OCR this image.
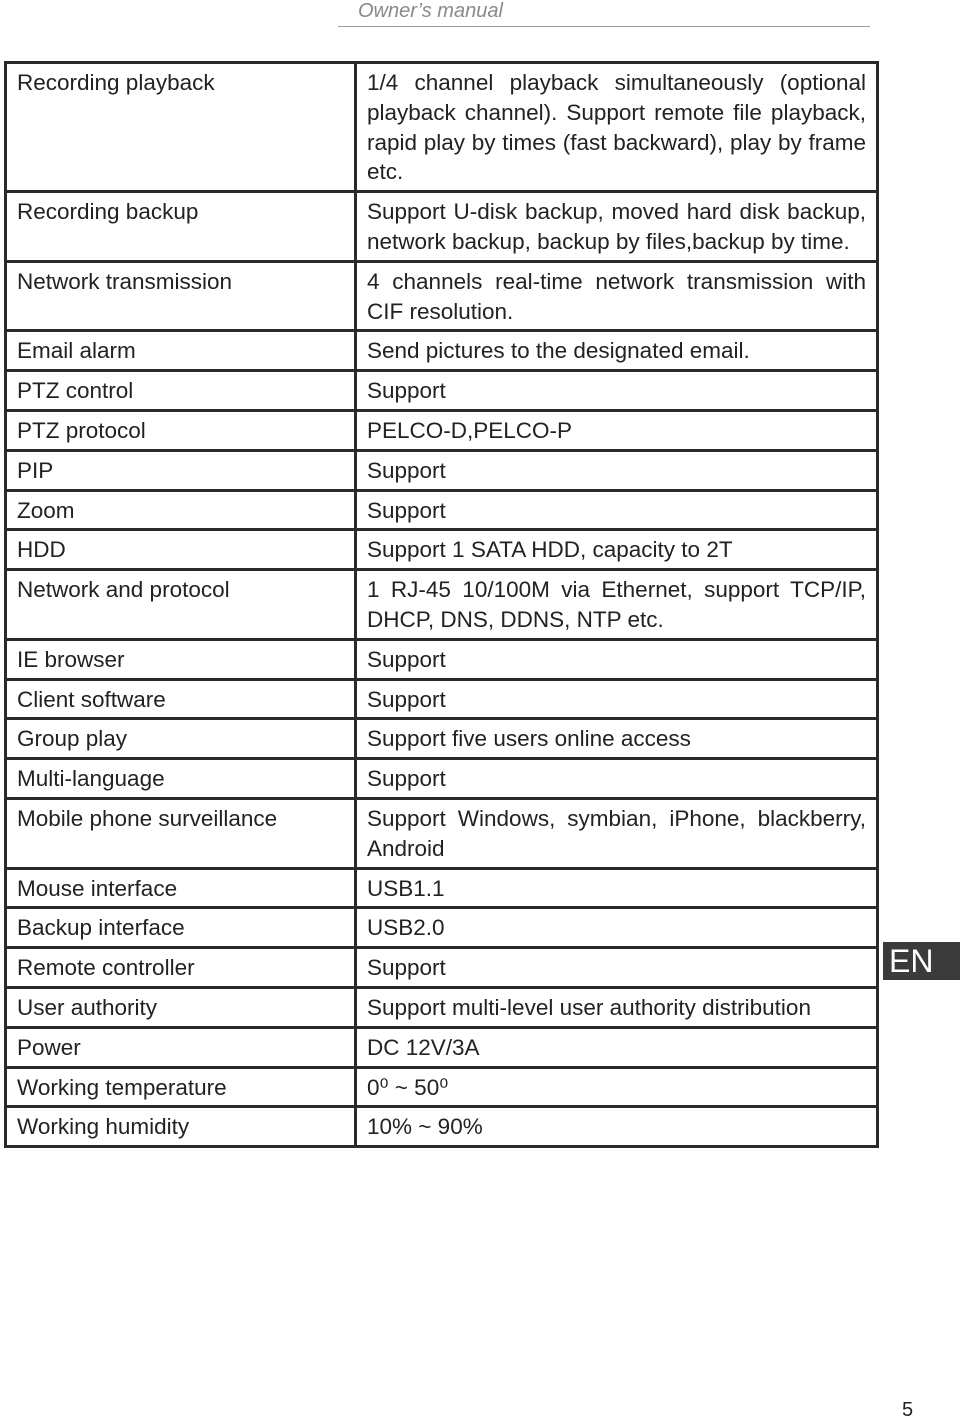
Owner’s manual
Recording playback	1/4 channel playback simultaneously (optional playback channel). Support remote file playback, rapid play by times (fast backward), play by frame etc.
Recording backup	Support U-disk backup, moved hard disk backup, network backup, backup by files,backup by time.
Network transmission	4 channels real-time network transmission with CIF resolution.
Email alarm	Send pictures to the designated email.
PTZ control	Support
PTZ protocol	PELCO-D,PELCO-P
PIP	Support
Zoom	Support
HDD	Support 1 SATA HDD, capacity to 2T
Network and protocol	1 RJ-45 10/100M via Ethernet, support TCP/IP, DHCP, DNS, DDNS, NTP etc.
IE browser	Support
Client software	Support
Group play	Support five users online access
Multi-language	Support
Mobile phone surveillance	Support Windows, symbian, iPhone, blackberry, Android
Mouse interface	USB1.1
Backup interface	USB2.0
Remote controller	Support
User authority	Support multi-level user authority distribution
Power	DC 12V/3A
Working temperature	0⁰ ~ 50⁰
Working humidity	10% ~ 90%
EN
5
